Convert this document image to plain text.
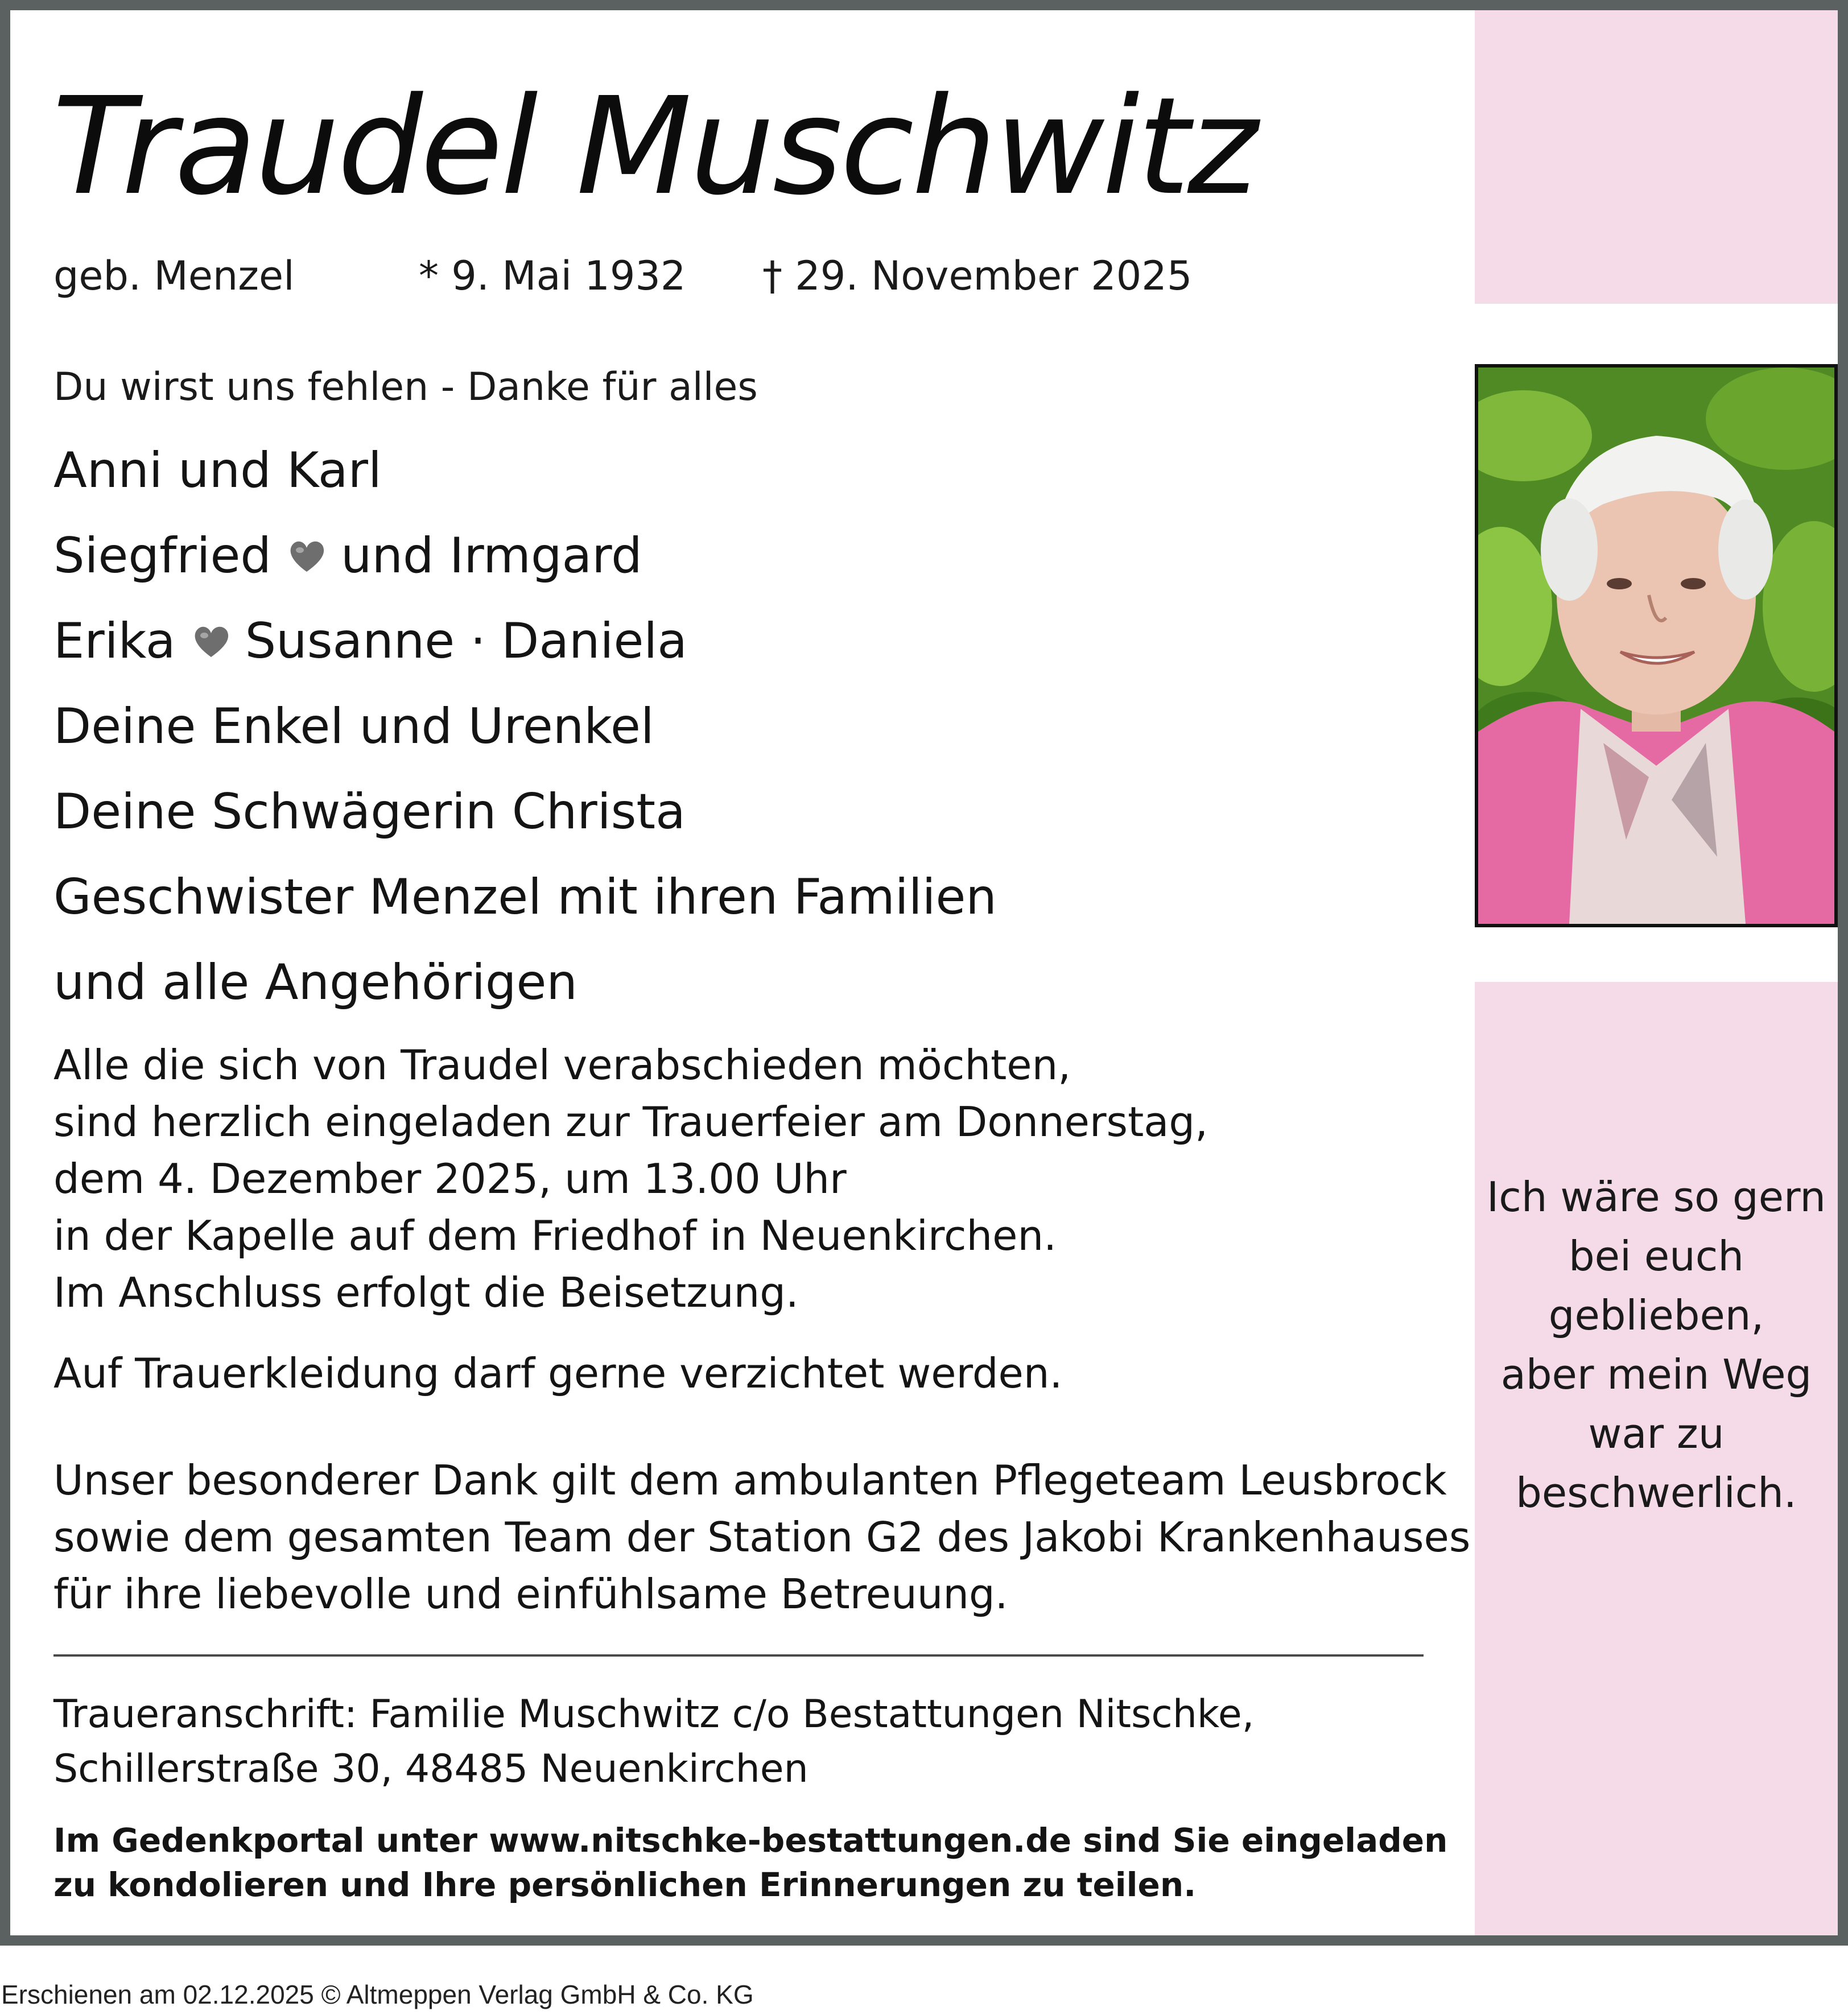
Traudel Muschwitz
geb. Menzel	* 9. Mai 1932 † 29. November 2025
Du wirst uns fehlen - Danke für alles
Anni und Karl
Siegfried und Irmgard
Erika Susanne · Daniela
Deine Enkel und Urenkel
Deine Schwägerin Christa
Geschwister Menzel mit ihren Familien
und alle Angehörigen
Alle die sich von Traudel verabschieden möchten,
sind herzlich eingeladen zur Trauerfeier am Donnerstag,
dem 4. Dezember 2025, um 13.00 Uhr
in der Kapelle auf dem Friedhof in Neuenkirchen.
Im Anschluss erfolgt die Beisetzung.
Auf Trauerkleidung darf gerne verzichtet werden.
Unser besonderer Dank gilt dem ambulanten Pflegeteam Leusbrock
sowie dem gesamten Team der Station G2 des Jakobi Krankenhauses
für ihre liebevolle und einfühlsame Betreuung.
Traueranschrift: Familie Muschwitz c/o Bestattungen Nitschke,
Schillerstraße 30, 48485 Neuenkirchen
Im Gedenkportal unter www.nitschke-bestattungen.de sind Sie eingeladen
zu kondolieren und Ihre persönlichen Erinnerungen zu teilen.
Ich wäre so gern
bei euch
geblieben,
aber mein Weg
war zu
beschwerlich.
Erschienen am 02.12.2025 © Altmeppen Verlag GmbH & Co. KG
